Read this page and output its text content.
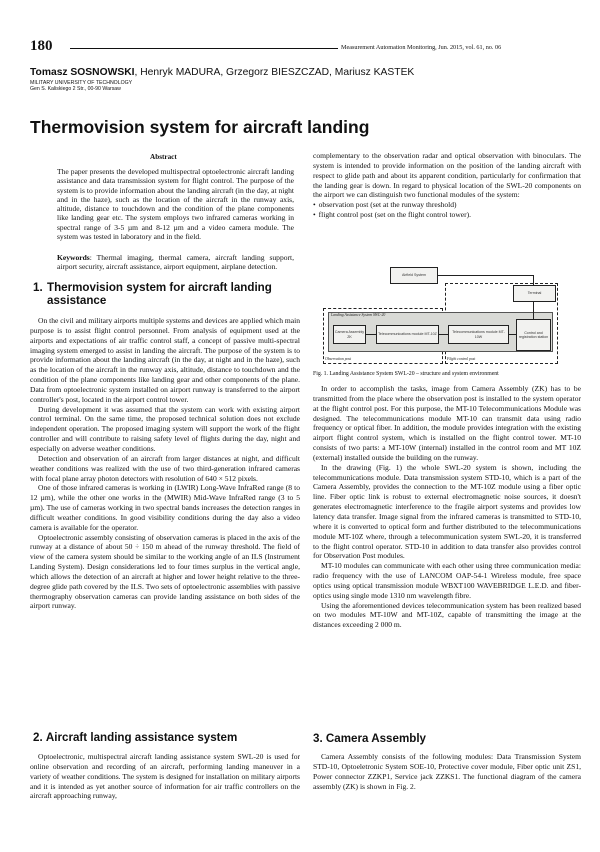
180	Measurement Automation Monitoring, Jun. 2015, vol. 61, no. 06
Tomasz SOSNOWSKI, Henryk MADURA, Grzegorz BIESZCZAD, Mariusz KASTEK
MILITARY UNIVERSITY OF TECHNOLOGY
Gen S. Kaliskiego 2 Str., 00-90 Warsaw
Thermovision system for aircraft landing
Abstract

The paper presents the developed multispectral optoelectronic aircraft landing assistance and data transmission system for flight control. The purpose of the system is to provide information about the landing aircraft (in the day, at night and in the haze), such as the location of the aircraft in the runway axis, altitude, distance to touchdown and the condition of the plane components like landing gear etc. The system employs two infrared cameras working in spectral range of 3-5 µm and 8-12 µm and a video camera module. The system was tested in laboratory and in the field.

Keywords: Thermal imaging, thermal camera, aircraft landing support, airport security, aircraft assistance, airport equipment, airplane detection.

1. Thermovision system for aircraft landing assistance

On the civil and military airports multiple systems and devices are applied which main purpose is to assist flight control personnel. From analysis of equipment used at the airports and expectations of air traffic control staff, a concept of passive multi-spectral imaging system emerged to assist in landing the aircraft. The purpose of the system is to provide information about the landing aircraft (in the day, at night and in the haze), such as the location of the aircraft in the runway axis, altitude, distance to touchdown and the condition of the plane components like landing gear and other components of the plane. Data from optoelectronic system installed on airport runway is transferred to the airport controller's post, located in the airport control tower.

During development it was assumed that the system can work with existing airport control terminal. On the same time, the proposed technical solution does not exclude independent operation. The proposed imaging system will support the work of the flight controller and will contribute to raising safety level of flights during the day, night and especially on adverse weather conditions.

Detection and observation of an aircraft from larger distances at night, and difficult weather conditions was realized with the use of two third-generation infrared cameras with focal plane array photon detectors with resolution of 640 × 512 pixels.

One of those infrared cameras is working in (LWIR) Long-Wave InfraRed range (8 to 12 µm), while the other one works in the (MWIR) Mid-Wave InfraRed range (3 to 5 µm). The use of cameras working in two spectral bands increases the detection ranges in difficult weather conditions. In good visibility conditions during the day also a video camera is available for the operator.

Optoelectronic assembly consisting of observation cameras is placed in the axis of the runway at a distance of about 50 ÷ 150 m ahead of the runway threshold. The field of view of the camera system should be similar to the working angle of an ILS (Instrument Landing System). Design considerations led to four times surplus in the vertical angle, which allows the detection of an aircraft at higher and lower height relative to the three-degree glide path covered by the ILS. Two sets of optoelectronic assemblies with passive thermography observation cameras can provide landing assistance on both sides of the airport runway.

2. Aircraft landing assistance system

Optoelectronic, multispectral aircraft landing assistance system SWL-20 is used for online observation and recording of an aircraft, performing landing maneuver in a variety of weather conditions. The system is designed for installation on military airports and it is intended as yet another source of information for air traffic controllers on the aircraft approaching runway,

complementary to the observation radar and optical observation with binoculars. The system is intended to provide information on the position of the landing aircraft with respect to glide path and about its apparent condition, particularly for confirmation that the landing gear is down. In regard to physical location of the SWL-20 components on the airport we can distinguish two functional modules of the system:

• observation post (set at the runway threshold)
• flight control post (set on the flight control tower).
Landing Assistance System SWL-20
Airfield System
Terminal
Camera Assembly ZK
Telecommunications module MT-10Z
Telecommunications module MT-10W
Control and registration station
Observation post	Flight control post
Fig. 1. Landing Assistance System SWL-20 – structure and system environment

In order to accomplish the tasks, image from Camera Assembly (ZK) has to be transmitted from the place where the observation post is installed to the system operator at the flight control post. For this purpose, the MT-10 Telecommunications Module was designed. The telecommunications module MT-10 can transmit data using radio frequency or optical fiber. In addition, the module provides integration with the existing airport flight control system, which is installed on the flight control tower. MT-10 consists of two parts: a MT-10W (internal) installed in the control room and MT 10Z (external) installed outside the building on the runway.

In the drawing (Fig. 1) the whole SWL-20 system is shown, including the telecommunications module. Data transmission system STD-10, which is a part of the Camera Assembly, provides the connection to the MT-10Z module using a fiber optic line. Fiber optic link is robust to external electromagnetic noise sources, it doesn't generates electromagnetic interference to the fragile airport systems and provides low latency data transfer. Image signal from the infrared cameras is transmitted to STD-10, where it is converted to optical form and further distributed to the telecommunications module MT-10Z where, through a telecommunication system SWL-20, it is transferred to the flight control operator. STD-10 in addition to data transfer also provides control for Observation Post modules.

MT-10 modules can communicate with each other using three communication media: radio frequency with the use of LANCOM OAP-54-1 Wireless module, free space optics using optical transmission module WBXT100 WAVEBRIDGE L.E.D. and fiber-optics using single mode 1310 nm wavelength fibre.

Using the aforementioned devices telecommunication system has been realized based on two modules MT-10W and MT-10Z, capable of transmitting the image at the distances exceeding 2 000 m.

3. Camera Assembly

Camera Assembly consists of the following modules: Data Transmission System STD-10, Optoeletronic System SOE-10, Protective cover module, Fiber optic unit ZS1, Power connector ZZKP1, Service jack ZZKS1. The functional diagram of the camera assembly (ZK) is shown in Fig. 2.
